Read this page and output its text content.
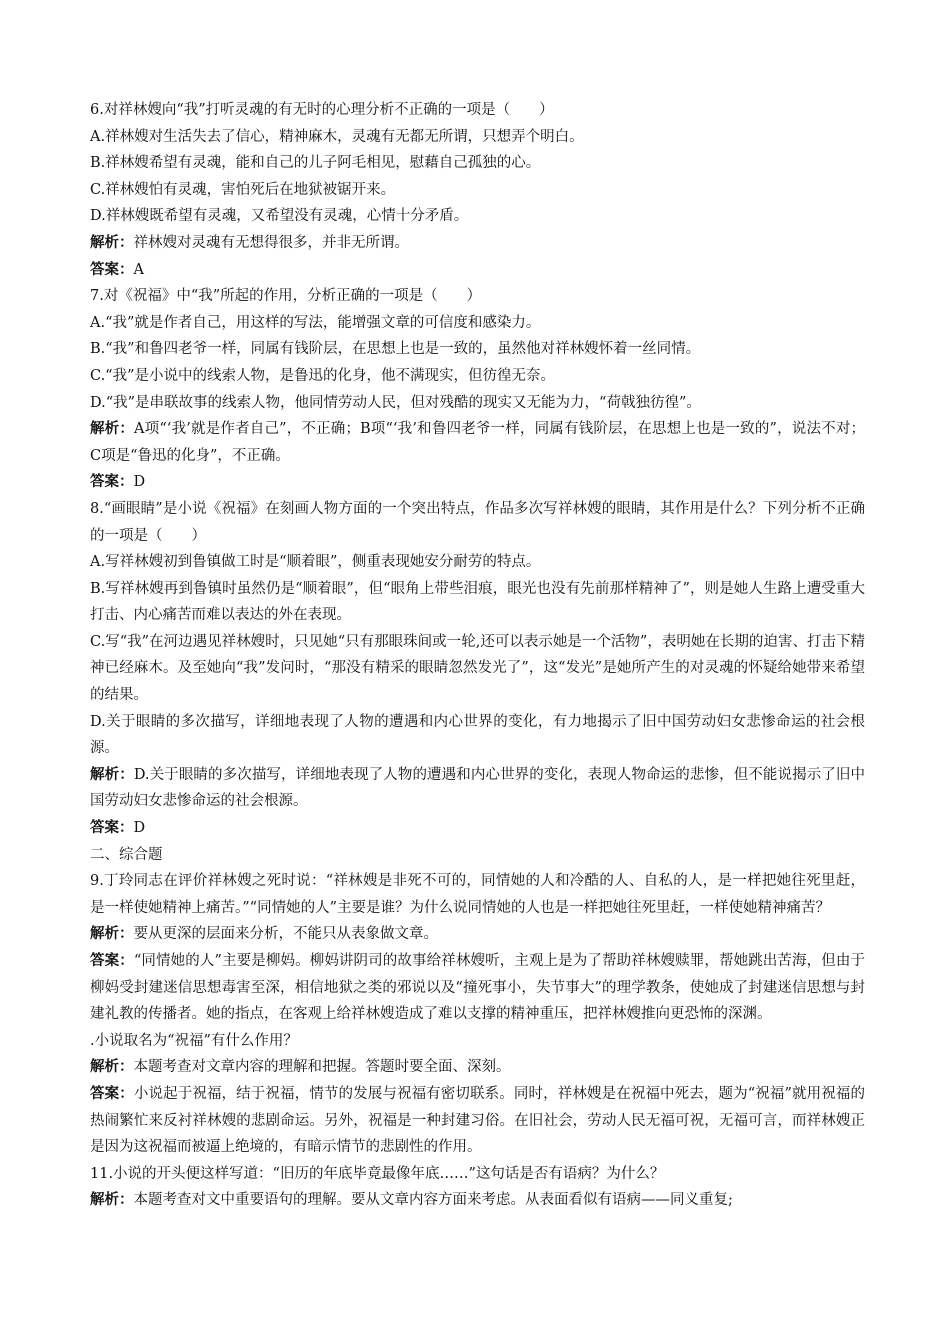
6.对祥林嫂向“我”打听灵魂的有无时的心理分析不正确的一项是（　　）

A.祥林嫂对生活失去了信心，精神麻木，灵魂有无都无所谓，只想弄个明白。

B.祥林嫂希望有灵魂，能和自己的儿子阿毛相见，慰藉自己孤独的心。

C.祥林嫂怕有灵魂，害怕死后在地狱被锯开来。

D.祥林嫂既希望有灵魂，又希望没有灵魂，心情十分矛盾。

解析：祥林嫂对灵魂有无想得很多，并非无所谓。

答案：A

7.对《祝福》中“我”所起的作用，分析正确的一项是（　　）

A.“我”就是作者自己，用这样的写法，能增强文章的可信度和感染力。

B.“我”和鲁四老爷一样，同属有钱阶层，在思想上也是一致的，虽然他对祥林嫂怀着一丝同情。

C.“我”是小说中的线索人物，是鲁迅的化身，他不满现实，但彷徨无奈。

D.“我”是串联故事的线索人物，他同情劳动人民，但对残酷的现实又无能为力，“荷戟独彷徨”。

解析：A项“‘我’就是作者自己”，不正确；B项“‘我’和鲁四老爷一样，同属有钱阶层，在思想上也是一致的”，说法不对；C项是“鲁迅的化身”，不正确。

答案：D

8.“画眼睛”是小说《祝福》在刻画人物方面的一个突出特点，作品多次写祥林嫂的眼睛，其作用是什么？下列分析不正确的一项是（　　）

A.写祥林嫂初到鲁镇做工时是“顺着眼”，侧重表现她安分耐劳的特点。

B.写祥林嫂再到鲁镇时虽然仍是“顺着眼”，但“眼角上带些泪痕，眼光也没有先前那样精神了”，则是她人生路上遭受重大打击、内心痛苦而难以表达的外在表现。

C.写“我”在河边遇见祥林嫂时，只见她“只有那眼珠间或一轮,还可以表示她是一个活物”，表明她在长期的迫害、打击下精神已经麻木。及至她向“我”发问时，“那没有精采的眼睛忽然发光了”，这“发光”是她所产生的对灵魂的怀疑给她带来希望的结果。

D.关于眼睛的多次描写，详细地表现了人物的遭遇和内心世界的变化，有力地揭示了旧中国劳动妇女悲惨命运的社会根源。

解析：D.关于眼睛的多次描写，详细地表现了人物的遭遇和内心世界的变化，表现人物命运的悲惨，但不能说揭示了旧中国劳动妇女悲惨命运的社会根源。

答案：D

二、综合题

9.丁玲同志在评价祥林嫂之死时说：“祥林嫂是非死不可的，同情她的人和冷酷的人、自私的人，是一样把她往死里赶，是一样使她精神上痛苦。”“同情她的人”主要是谁？为什么说同情她的人也是一样把她往死里赶，一样使她精神痛苦？

解析：要从更深的层面来分析，不能只从表象做文章。

答案：“同情她的人”主要是柳妈。柳妈讲阴司的故事给祥林嫂听，主观上是为了帮助祥林嫂赎罪，帮她跳出苦海，但由于柳妈受封建迷信思想毒害至深，相信地狱之类的邪说以及“撞死事小，失节事大”的理学教条，使她成了封建迷信思想与封建礼教的传播者。她的指点，在客观上给祥林嫂造成了难以支撑的精神重压，把祥林嫂推向更恐怖的深渊。

.小说取名为“祝福”有什么作用？

解析：本题考查对文章内容的理解和把握。答题时要全面、深刻。

答案：小说起于祝福，结于祝福，情节的发展与祝福有密切联系。同时，祥林嫂是在祝福中死去，题为“祝福”就用祝福的热闹繁忙来反衬祥林嫂的悲剧命运。另外，祝福是一种封建习俗。在旧社会，劳动人民无福可祝，无福可言，而祥林嫂正是因为这祝福而被逼上绝境的，有暗示情节的悲剧性的作用。

11.小说的开头便这样写道：“旧历的年底毕竟最像年底……”这句话是否有语病？为什么？

解析：本题考查对文中重要语句的理解。要从文章内容方面来考虑。从表面看似有语病——同义重复;
